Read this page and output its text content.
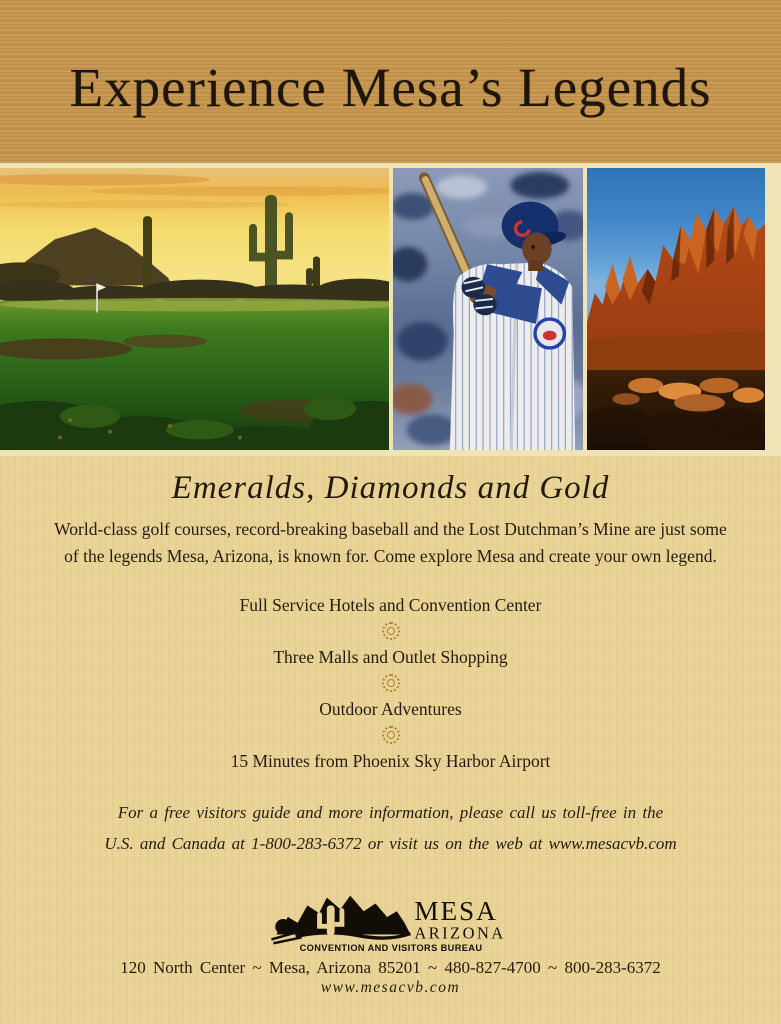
Experience Mesa’s Legends
Emeralds, Diamonds and Gold
World-class golf courses, record-breaking baseball and the Lost Dutchman’s Mine are just some
of the legends Mesa, Arizona, is known for. Come explore Mesa and create your own legend.
Full Service Hotels and Convention Center
Three Malls and Outlet Shopping
Outdoor Adventures
15 Minutes from Phoenix Sky Harbor Airport
For a free visitors guide and more information, please call us toll-free in the
U.S. and Canada at 1-800-283-6372 or visit us on the web at www.mesacvb.com
MESA
ARIZONA
CONVENTION AND VISITORS BUREAU
120 North Center ~ Mesa, Arizona 85201 ~ 480-827-4700 ~ 800-283-6372
www.mesacvb.com
